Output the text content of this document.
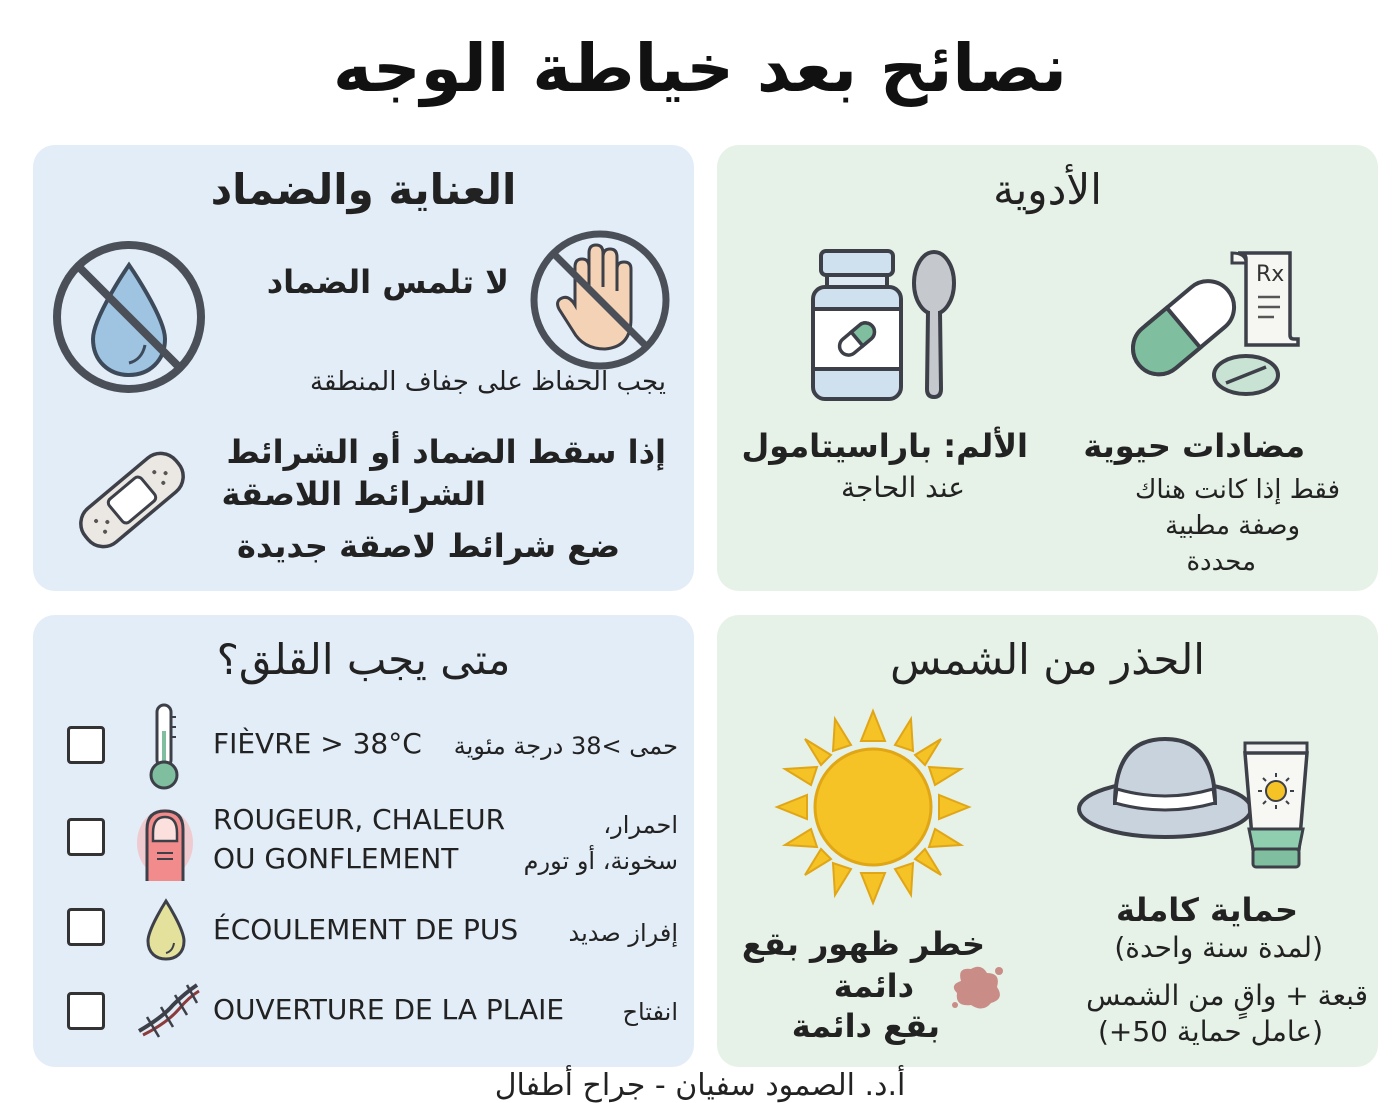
نصائح بعد خياطة الوجه
العناية والضماد
لا تلمس الضماد
يجب الحفاظ على جفاف المنطقة
إذا سقط الضماد أو الشرائط
الشرائط اللاصقة
ضع شرائط لاصقة جديدة
الأدوية
Rx
الألم: باراسيتامول
عند الحاجة
مضادات حيوية
فقط إذا كانت هناك
وصفة مطبية
محددة
متى يجب القلق؟
FIÈVRE > 38°C حمى >38 درجة مئوية
ROUGEUR, CHALEUR
OU GONFLEMENT
احمرار،
سخونة، أو تورم
ÉCOULEMENT DE PUS إفراز صديد
OUVERTURE DE LA PLAIE انفتاح
الحذر من الشمس
خطر ظهور بقع
دائمة
بقع دائمة
حماية كاملة
(لمدة سنة واحدة)
قبعة + واقٍ من الشمس
(عامل حماية 50+)
أ.د. الصمود سفيان - جراح أطفال
